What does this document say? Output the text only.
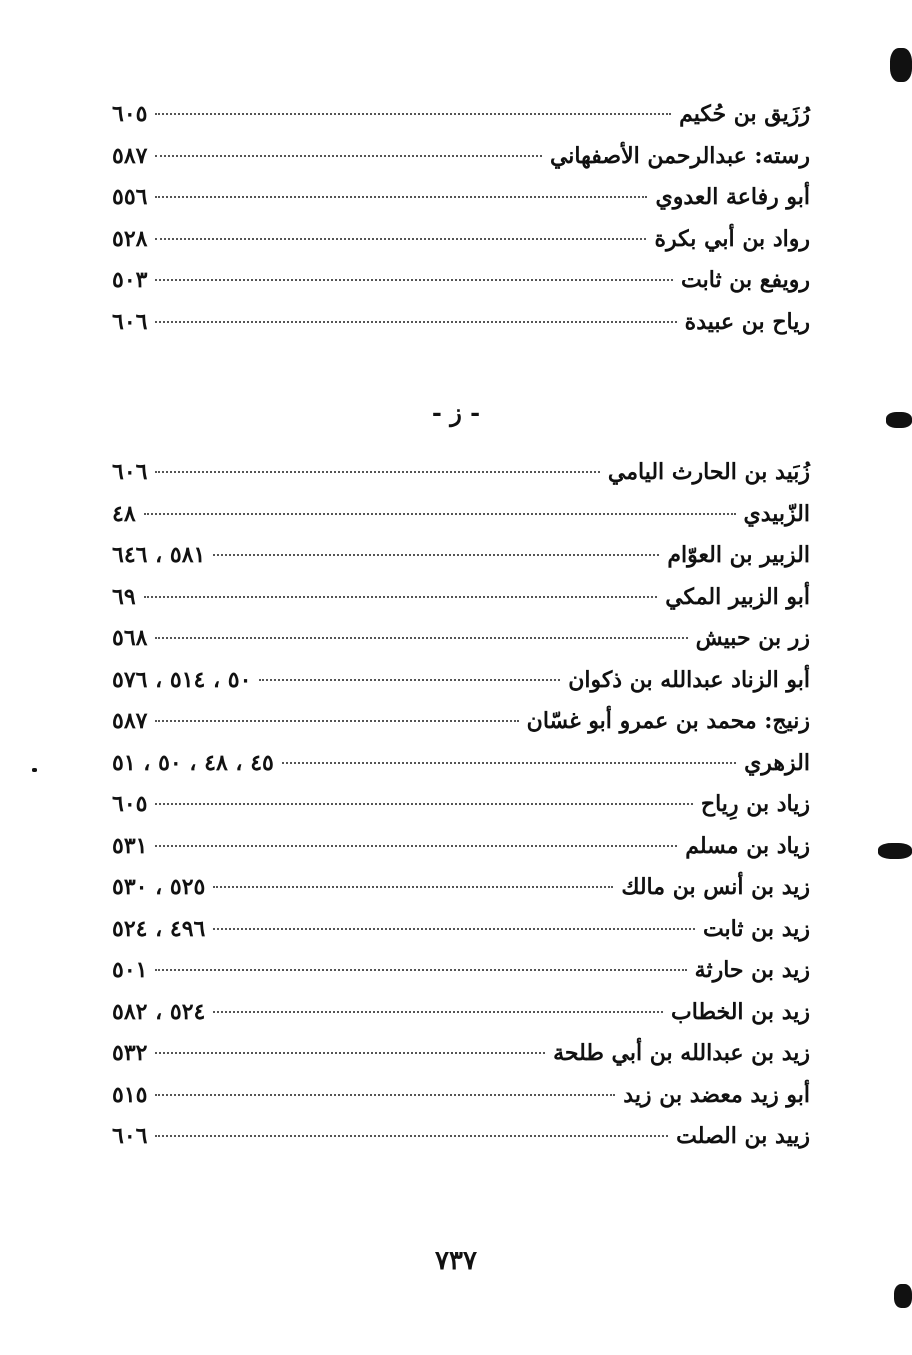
رُزَيق بن حُكيم
٦٠٥
رسته: عبدالرحمن الأصفهاني
٥٨٧
أبو رفاعة العدوي
٥٥٦
رواد بن أبي بكرة
٥٢٨
رويفع بن ثابت
٥٠٣
رياح بن عبيدة
٦٠٦
- ز -
زُبَيد بن الحارث اليامي
٦٠٦
الزّبيدي
٤٨
الزبير بن العوّام
٥٨١ ، ٦٤٦
أبو الزبير المكي
٦٩
زر بن حبيش
٥٦٨
أبو الزناد عبدالله بن ذكوان
٥٠ ، ٥١٤ ، ٥٧٦
زنيج: محمد بن عمرو أبو غسّان
٥٨٧
الزهري
٤٥ ، ٤٨ ، ٥٠ ، ٥١
زياد بن رِياح
٦٠٥
زياد بن مسلم
٥٣١
زيد بن أنس بن مالك
٥٢٥ ، ٥٣٠
زيد بن ثابت
٤٩٦ ، ٥٢٤
زيد بن حارثة
٥٠١
زيد بن الخطاب
٥٢٤ ، ٥٨٢
زيد بن عبدالله بن أبي طلحة
٥٣٢
أبو زيد معضد بن زيد
٥١٥
زييد بن الصلت
٦٠٦
٧٣٧
